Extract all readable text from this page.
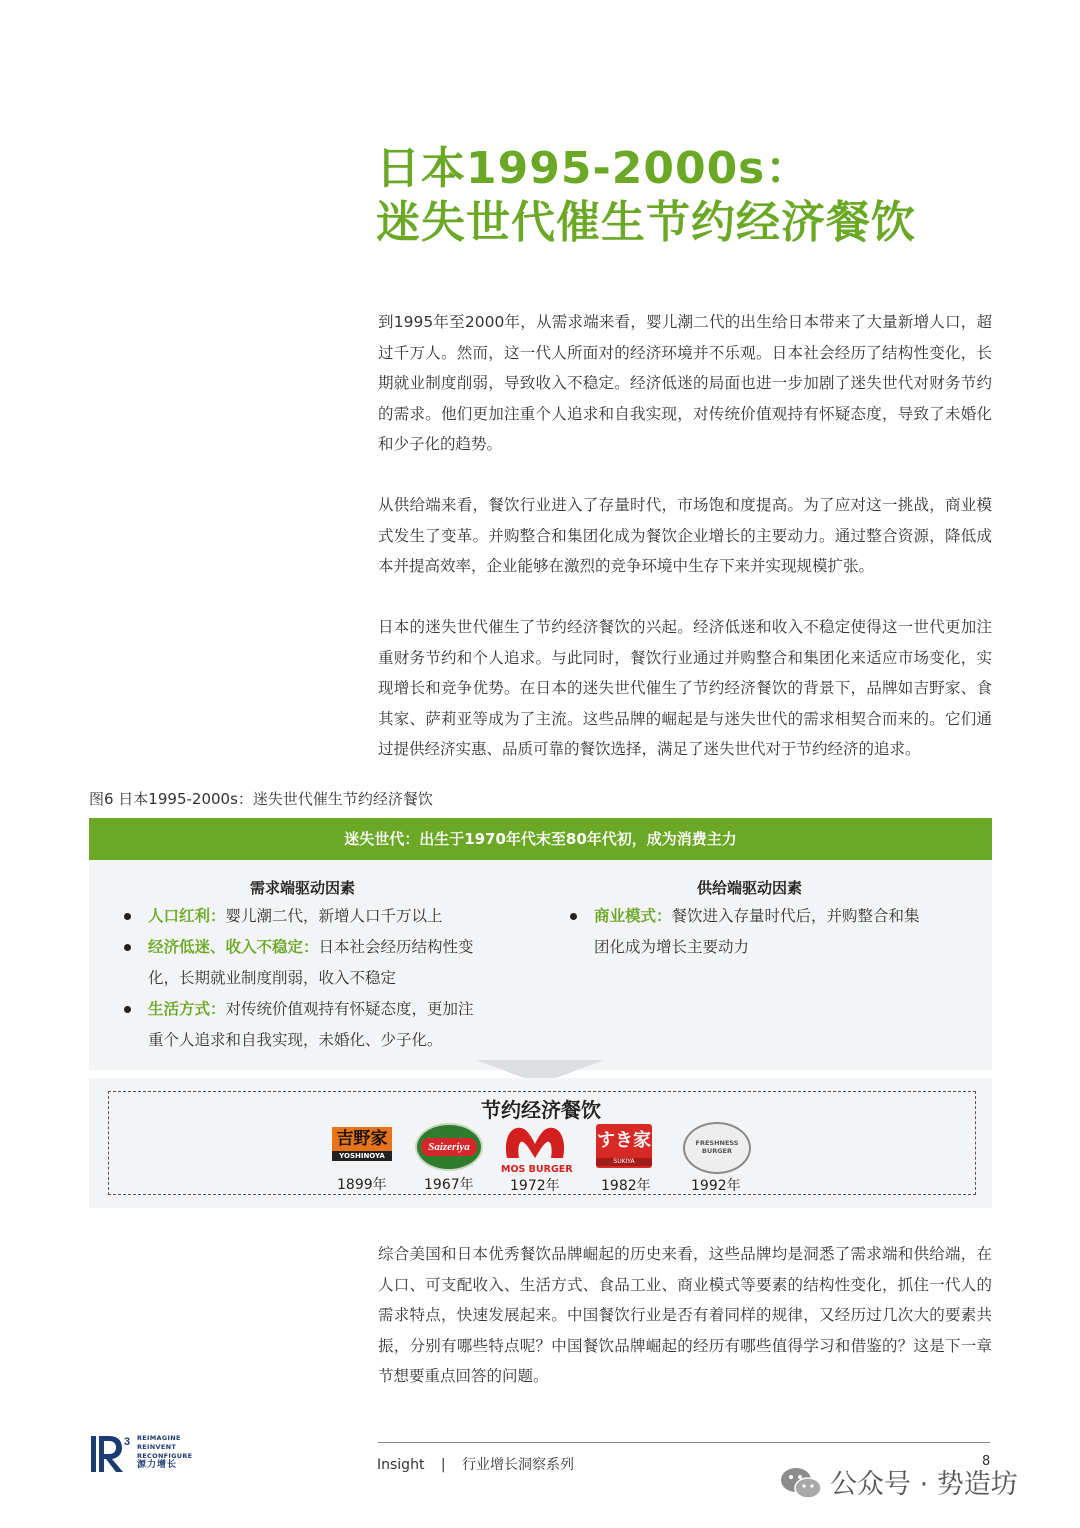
日本1995-2000s：
迷失世代催生节约经济餐饮
到1995年至2000年，从需求端来看，婴儿潮二代的出生给日本带来了大量新增人口，超过千万人。然而，这一代人所面对的经济环境并不乐观。日本社会经历了结构性变化，长期就业制度削弱，导致收入不稳定。经济低迷的局面也进一步加剧了迷失世代对财务节约的需求。他们更加注重个人追求和自我实现，对传统价值观持有怀疑态度，导致了未婚化和少子化的趋势。
从供给端来看，餐饮行业进入了存量时代，市场饱和度提高。为了应对这一挑战，商业模式发生了变革。并购整合和集团化成为餐饮企业增长的主要动力。通过整合资源，降低成本并提高效率，企业能够在激烈的竞争环境中生存下来并实现规模扩张。
日本的迷失世代催生了节约经济餐饮的兴起。经济低迷和收入不稳定使得这一世代更加注重财务节约和个人追求。与此同时，餐饮行业通过并购整合和集团化来适应市场变化，实现增长和竞争优势。在日本的迷失世代催生了节约经济餐饮的背景下，品牌如吉野家、食其家、萨莉亚等成为了主流。这些品牌的崛起是与迷失世代的需求相契合而来的。它们通过提供经济实惠、品质可靠的餐饮选择，满足了迷失世代对于节约经济的追求。
图6 日本1995-2000s：迷失世代催生节约经济餐饮
迷失世代：出生于1970年代末至80年代初，成为消费主力
需求端驱动因素	供给端驱动因素
人口红利：婴儿潮二代，新增人口千万以上
经济低迷、收入不稳定：日本社会经历结构性变化，长期就业制度削弱，收入不稳定
生活方式：对传统价值观持有怀疑态度，更加注重个人追求和自我实现，未婚化、少子化。
商业模式：餐饮进入存量时代后，并购整合和集团化成为增长主要动力
节约经济餐饮
吉野家
YOSHINOYA
1899年
Saizeriya
1967年
MOS BURGER
1972年
すき家
SUKIYA
1982年
FRESHNESS BURGER
1992年
综合美国和日本优秀餐饮品牌崛起的历史来看，这些品牌均是洞悉了需求端和供给端，在人口、可支配收入、生活方式、食品工业、商业模式等要素的结构性变化，抓住一代人的需求特点，快速发展起来。中国餐饮行业是否有着同样的规律，又经历过几次大的要素共振，分别有哪些特点呢？中国餐饮品牌崛起的经历有哪些值得学习和借鉴的？这是下一章节想要重点回答的问题。
3 REIMAGINE
REINVENT
RECONFIGURE
源力增长	Insight | 行业增长洞察系列	8
公众号 · 势造坊
